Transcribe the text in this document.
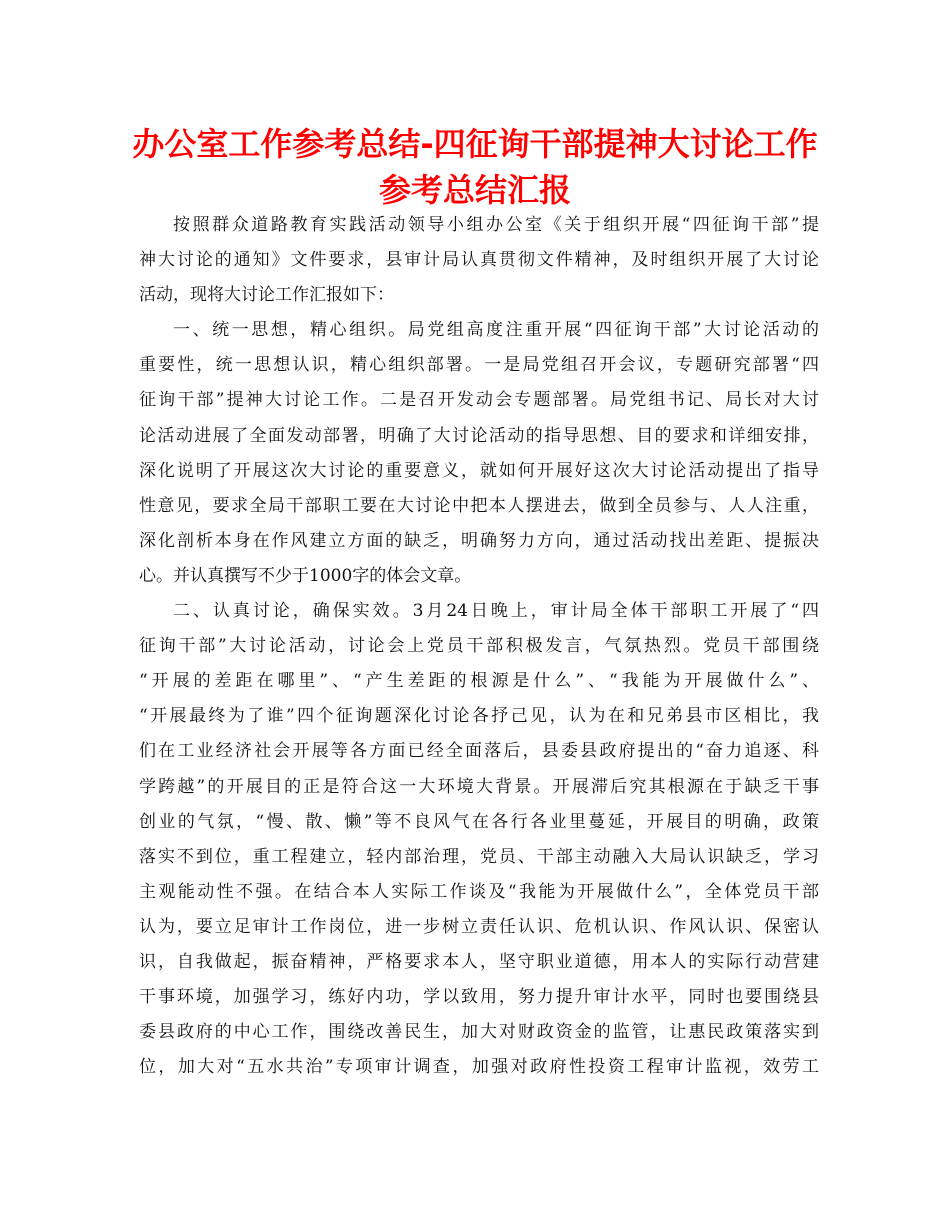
办公室工作参考总结-四征询干部提神大讨论工作
参考总结汇报
按照群众道路教育实践活动领导小组办公室《关于组织开展“四征询干部”提
神大讨论的通知》文件要求，县审计局认真贯彻文件精神，及时组织开展了大讨论
活动，现将大讨论工作汇报如下：
一、统一思想，精心组织。局党组高度注重开展“四征询干部”大讨论活动的
重要性，统一思想认识，精心组织部署。一是局党组召开会议，专题研究部署“四
征询干部”提神大讨论工作。二是召开发动会专题部署。局党组书记、局长对大讨
论活动进展了全面发动部署，明确了大讨论活动的指导思想、目的要求和详细安排，
深化说明了开展这次大讨论的重要意义，就如何开展好这次大讨论活动提出了指导
性意见，要求全局干部职工要在大讨论中把本人摆进去，做到全员参与、人人注重，
深化剖析本身在作风建立方面的缺乏，明确努力方向，通过活动找出差距、提振决
心。并认真撰写不少于1000字的体会文章。
二、认真讨论，确保实效。3月24日晚上，审计局全体干部职工开展了“四
征询干部”大讨论活动，讨论会上党员干部积极发言，气氛热烈。党员干部围绕
“开展的差距在哪里”、“产生差距的根源是什么”、“我能为开展做什么”、
“开展最终为了谁”四个征询题深化讨论各抒己见，认为在和兄弟县市区相比，我
们在工业经济社会开展等各方面已经全面落后，县委县政府提出的“奋力追逐、科
学跨越”的开展目的正是符合这一大环境大背景。开展滞后究其根源在于缺乏干事
创业的气氛，“慢、散、懒”等不良风气在各行各业里蔓延，开展目的明确，政策
落实不到位，重工程建立，轻内部治理，党员、干部主动融入大局认识缺乏，学习
主观能动性不强。在结合本人实际工作谈及“我能为开展做什么”，全体党员干部
认为，要立足审计工作岗位，进一步树立责任认识、危机认识、作风认识、保密认
识，自我做起，振奋精神，严格要求本人，坚守职业道德，用本人的实际行动营建
干事环境，加强学习，练好内功，学以致用，努力提升审计水平，同时也要围绕县
委县政府的中心工作，围绕改善民生，加大对财政资金的监管，让惠民政策落实到
位，加大对“五水共治”专项审计调查，加强对政府性投资工程审计监视，效劳工
